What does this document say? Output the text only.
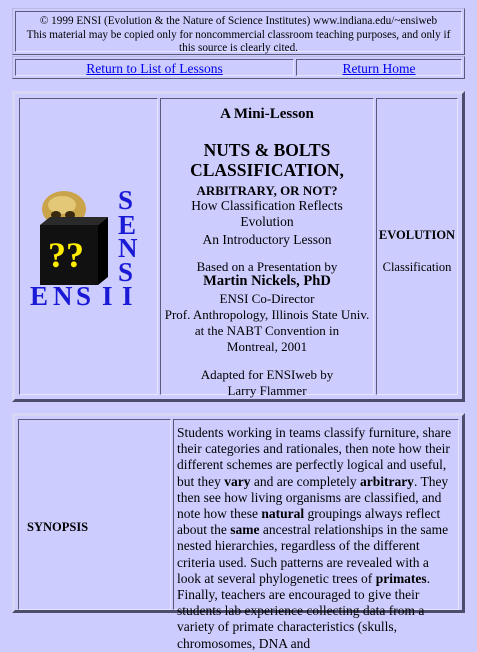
© 1999 ENSI (Evolution & the Nature of Science Institutes) www.indiana.edu/~ensiweb
This material may be copied only for noncommercial classroom teaching purposes, and only if this source is clearly cited.
Return to List of Lessons	Return Home
??
S
E
N
S
I
E N S I
A Mini-Lesson
NUTS & BOLTS
CLASSIFICATION,
ARBITRARY, OR NOT?
How Classification Reflects
Evolution
An Introductory Lesson
Based on a Presentation by
Martin Nickels, PhD
ENSI Co-Director
Prof. Anthropology, Illinois State Univ.
at the NABT Convention in
Montreal, 2001
Adapted for ENSIweb by
Larry Flammer
EVOLUTION
Classification
SYNOPSIS
Students working in teams classify furniture, share their categories and rationales, then note how their different schemes are perfectly logical and useful, but they vary and are completely arbitrary. They then see how living organisms are classified, and note how these natural groupings always reflect about the same ancestral relationships in the same nested hierarchies, regardless of the different criteria used. Such patterns are revealed with a look at several phylogenetic trees of primates. Finally, teachers are encouraged to give their students lab experience collecting data from a variety of primate characteristics (skulls, chromosomes, DNA and
